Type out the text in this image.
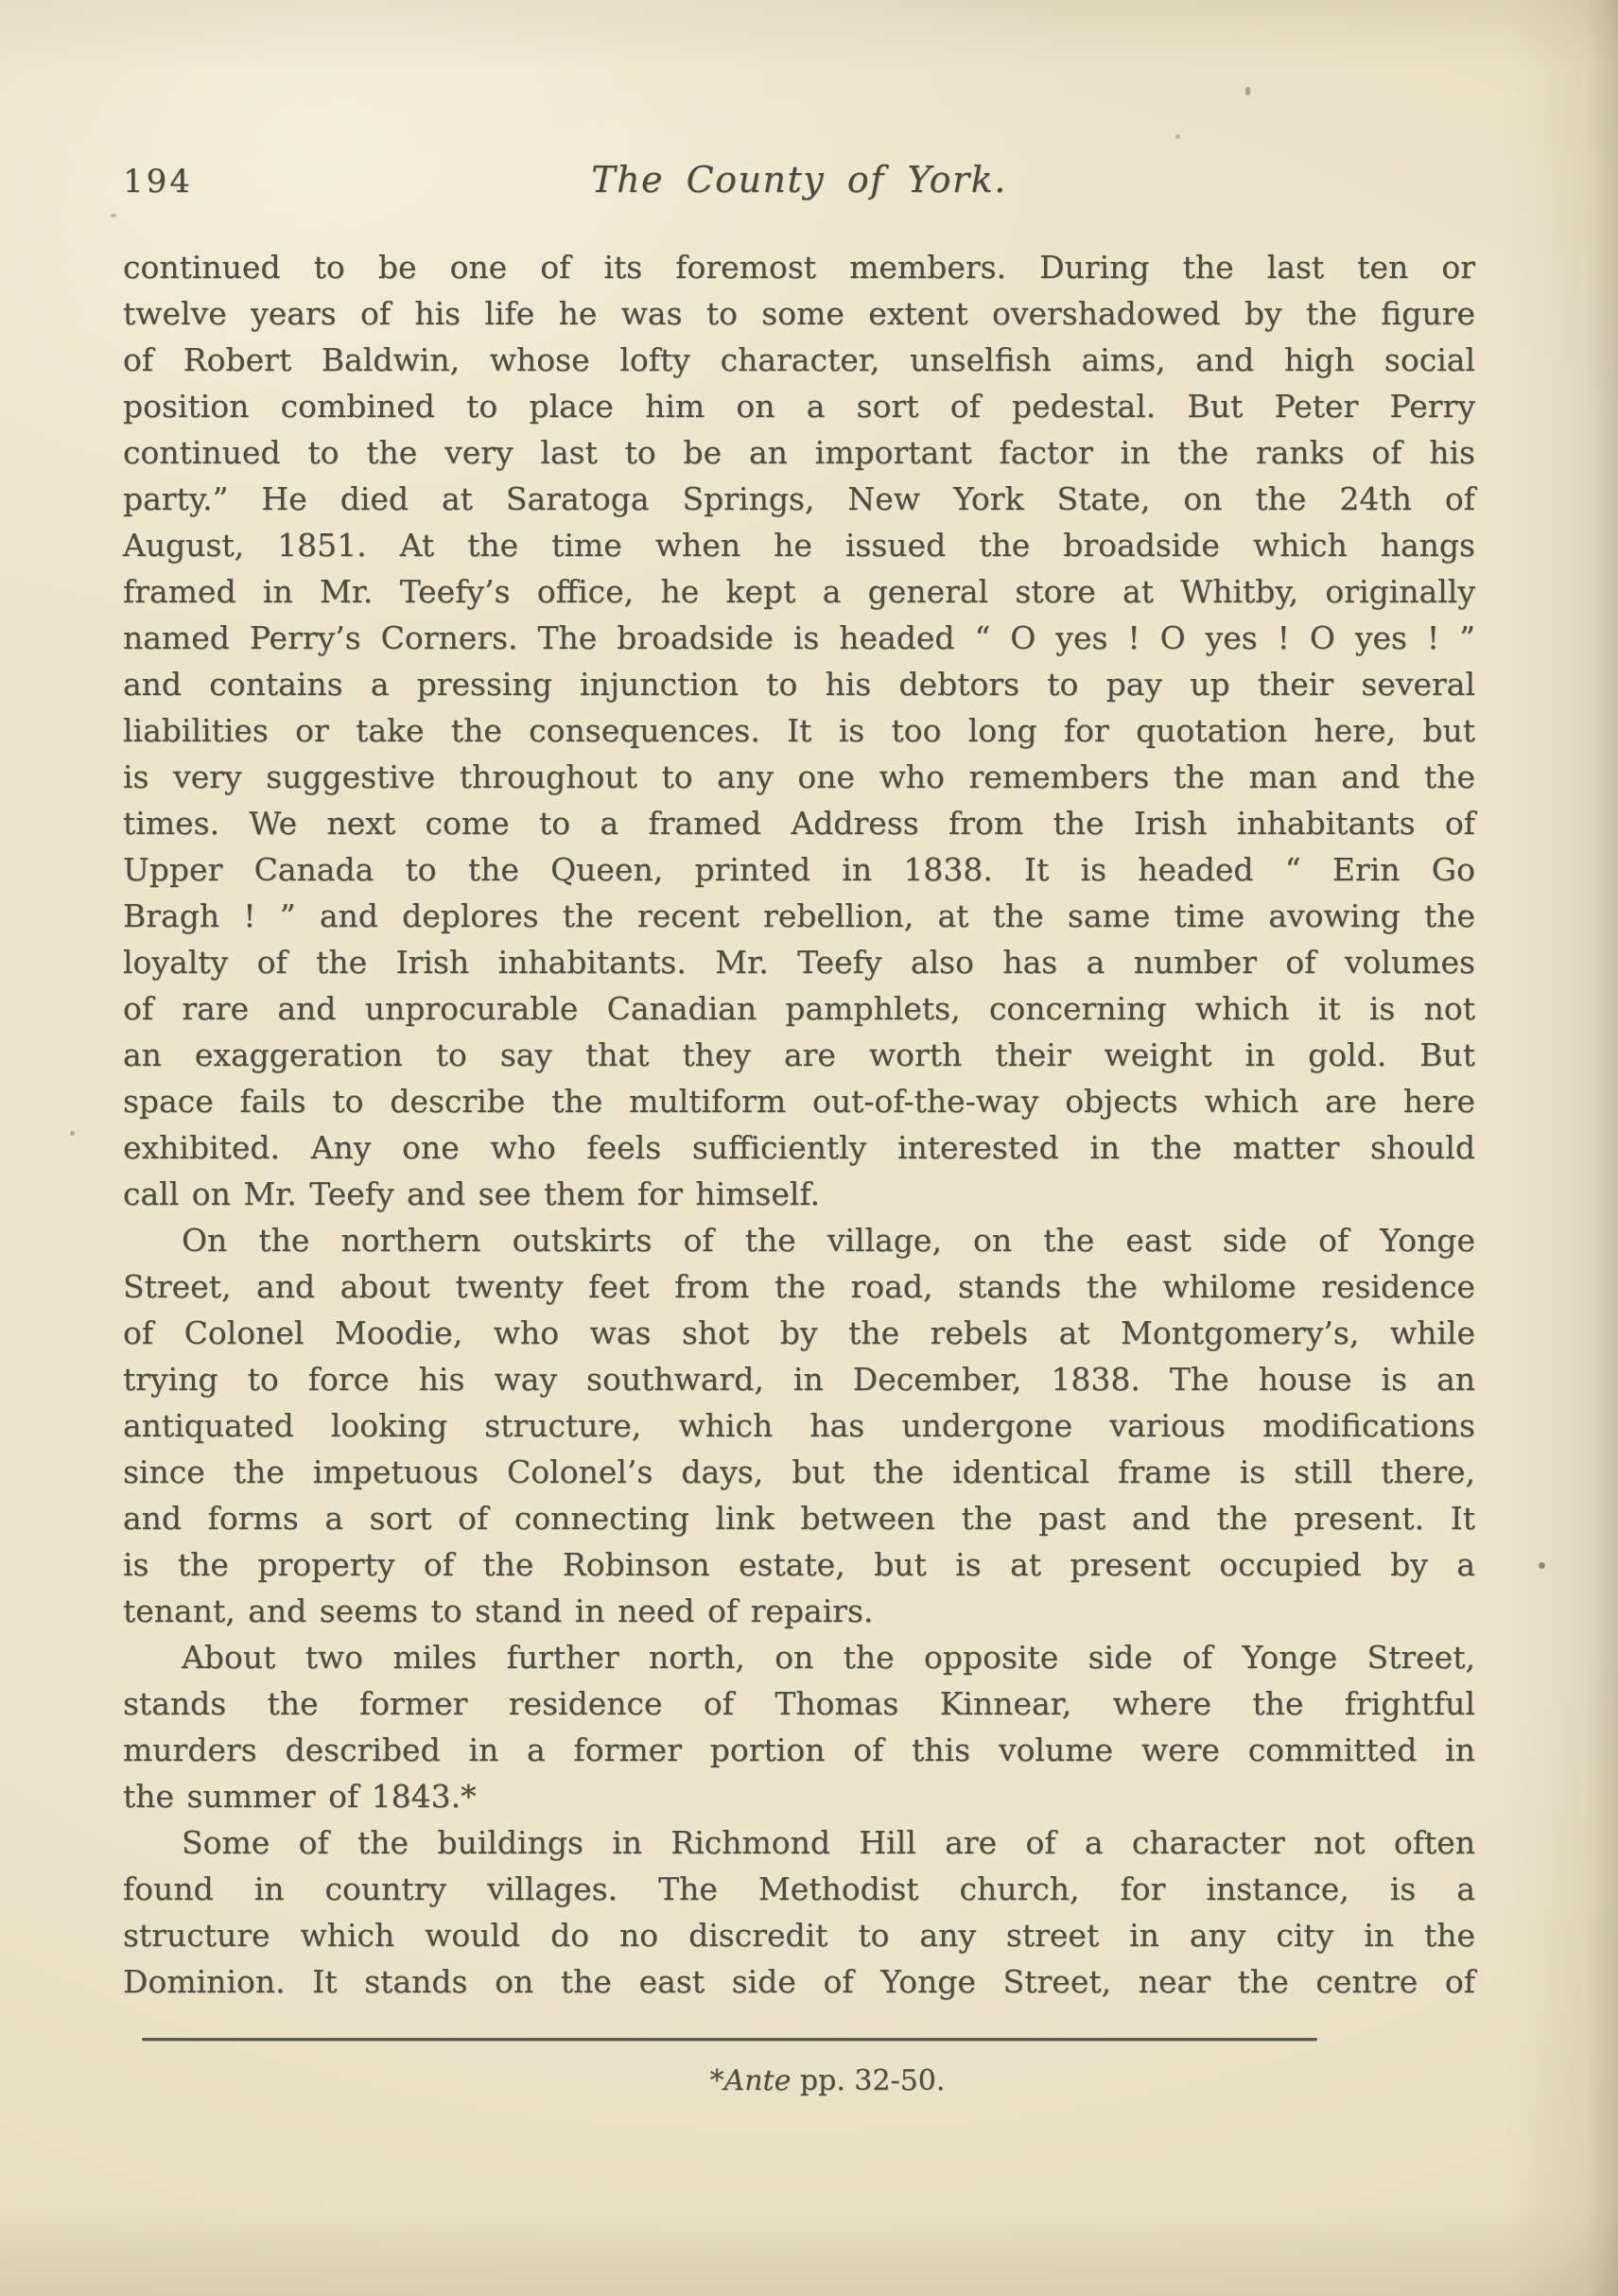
194	The County of York.
continued to be one of its foremost members. During the last ten or
twelve years of his life he was to some extent overshadowed by the figure
of Robert Baldwin, whose lofty character, unselfish aims, and high social
position combined to place him on a sort of pedestal. But Peter Perry
continued to the very last to be an important factor in the ranks of his
party.” He died at Saratoga Springs, New York State, on the 24th of
August, 1851. At the time when he issued the broadside which hangs
framed in Mr. Teefy’s office, he kept a general store at Whitby, originally
named Perry’s Corners. The broadside is headed “ O yes ! O yes ! O yes ! ”
and contains a pressing injunction to his debtors to pay up their several
liabilities or take the consequences. It is too long for quotation here, but
is very suggestive throughout to any one who remembers the man and the
times. We next come to a framed Address from the Irish inhabitants of
Upper Canada to the Queen, printed in 1838. It is headed “ Erin Go
Bragh ! ” and deplores the recent rebellion, at the same time avowing the
loyalty of the Irish inhabitants. Mr. Teefy also has a number of volumes
of rare and unprocurable Canadian pamphlets, concerning which it is not
an exaggeration to say that they are worth their weight in gold. But
space fails to describe the multiform out-of-the-way objects which are here
exhibited. Any one who feels sufficiently interested in the matter should
call on Mr. Teefy and see them for himself.
On the northern outskirts of the village, on the east side of Yonge
Street, and about twenty feet from the road, stands the whilome residence
of Colonel Moodie, who was shot by the rebels at Montgomery’s, while
trying to force his way southward, in December, 1838. The house is an
antiquated looking structure, which has undergone various modifications
since the impetuous Colonel’s days, but the identical frame is still there,
and forms a sort of connecting link between the past and the present. It
is the property of the Robinson estate, but is at present occupied by a
tenant, and seems to stand in need of repairs.
About two miles further north, on the opposite side of Yonge Street,
stands the former residence of Thomas Kinnear, where the frightful
murders described in a former portion of this volume were committed in
the summer of 1843.*
Some of the buildings in Richmond Hill are of a character not often
found in country villages. The Methodist church, for instance, is a
structure which would do no discredit to any street in any city in the
Dominion. It stands on the east side of Yonge Street, near the centre of
*Ante pp. 32-50.
